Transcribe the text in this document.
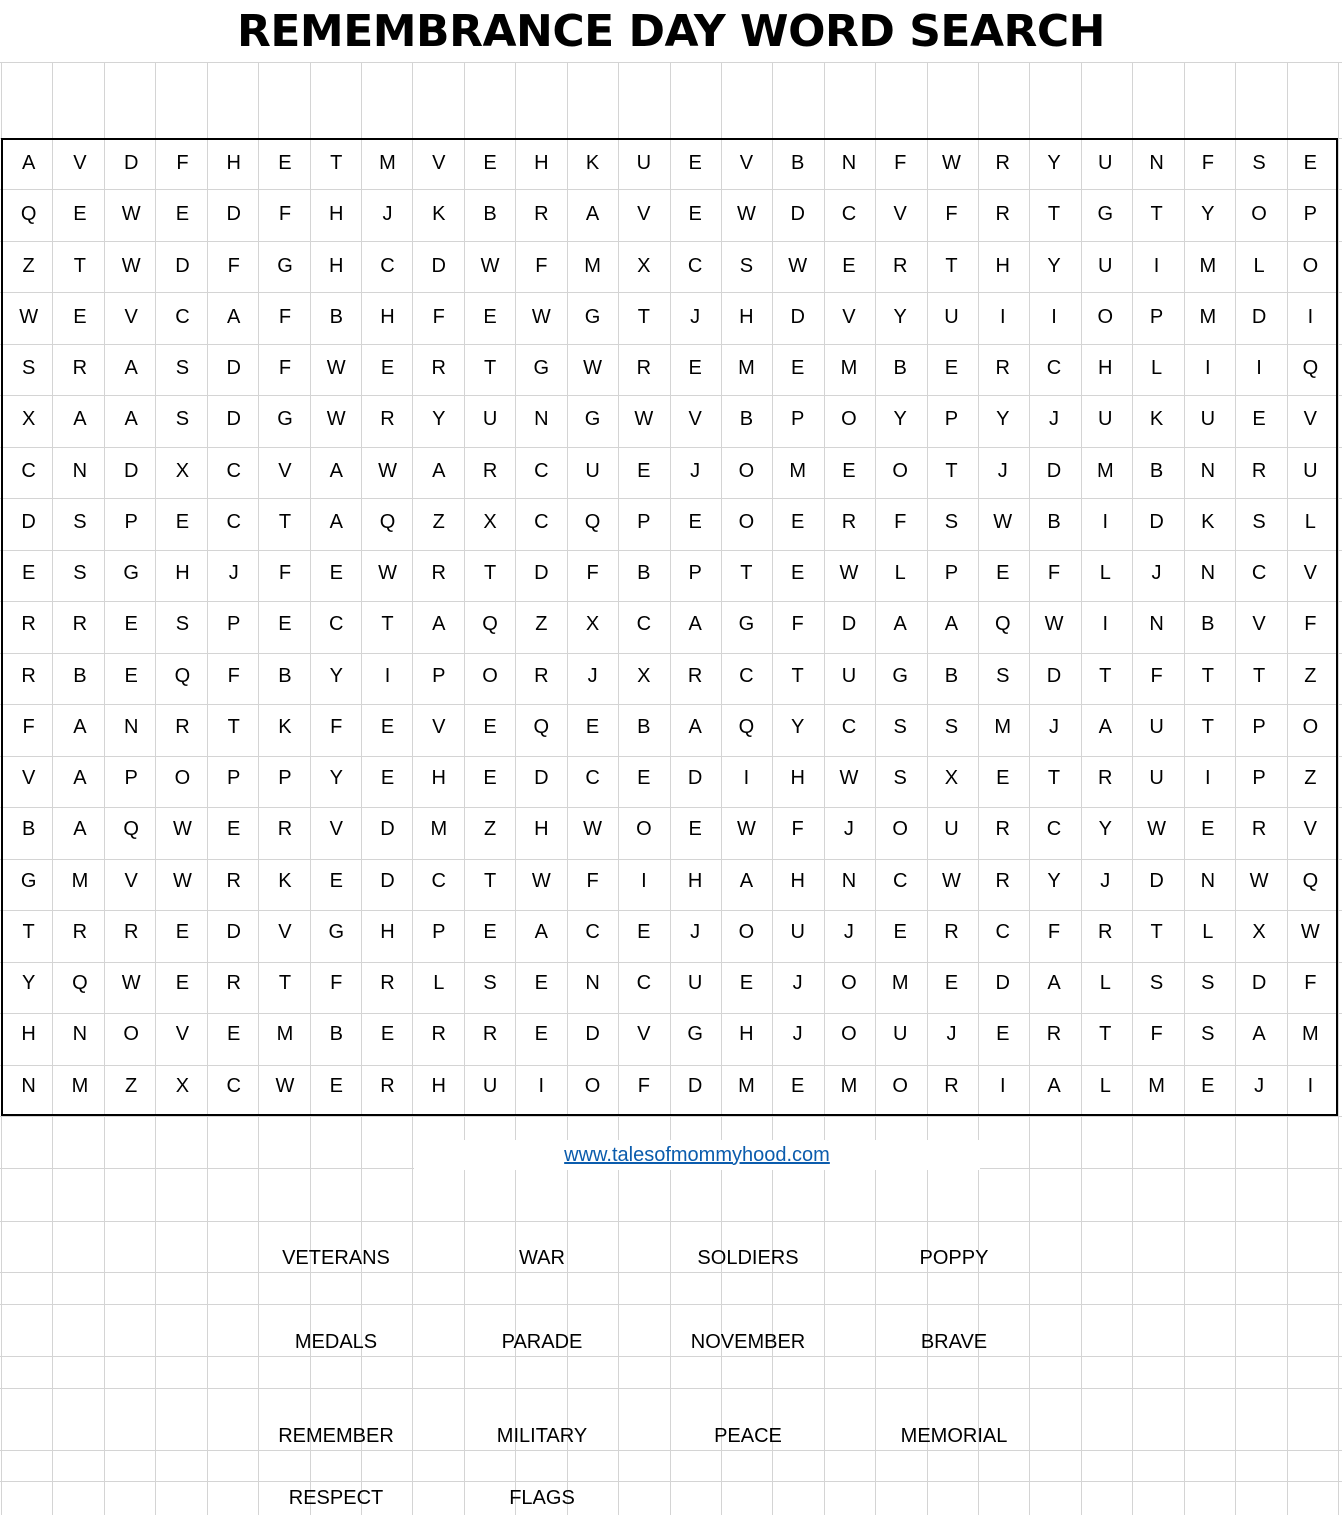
REMEMBRANCE DAY WORD SEARCH
A	V	D	F	H	E	T	M	V	E	H	K	U	E	V	B	N	F	W	R	Y	U	N	F	S	E
Q	E	W	E	D	F	H	J	K	B	R	A	V	E	W	D	C	V	F	R	T	G	T	Y	O	P
Z	T	W	D	F	G	H	C	D	W	F	M	X	C	S	W	E	R	T	H	Y	U	I	M	L	O
W	E	V	C	A	F	B	H	F	E	W	G	T	J	H	D	V	Y	U	I	I	O	P	M	D	I
S	R	A	S	D	F	W	E	R	T	G	W	R	E	M	E	M	B	E	R	C	H	L	I	I	Q
X	A	A	S	D	G	W	R	Y	U	N	G	W	V	B	P	O	Y	P	Y	J	U	K	U	E	V
C	N	D	X	C	V	A	W	A	R	C	U	E	J	O	M	E	O	T	J	D	M	B	N	R	U
D	S	P	E	C	T	A	Q	Z	X	C	Q	P	E	O	E	R	F	S	W	B	I	D	K	S	L
E	S	G	H	J	F	E	W	R	T	D	F	B	P	T	E	W	L	P	E	F	L	J	N	C	V
R	R	E	S	P	E	C	T	A	Q	Z	X	C	A	G	F	D	A	A	Q	W	I	N	B	V	F
R	B	E	Q	F	B	Y	I	P	O	R	J	X	R	C	T	U	G	B	S	D	T	F	T	T	Z
F	A	N	R	T	K	F	E	V	E	Q	E	B	A	Q	Y	C	S	S	M	J	A	U	T	P	O
V	A	P	O	P	P	Y	E	H	E	D	C	E	D	I	H	W	S	X	E	T	R	U	I	P	Z
B	A	Q	W	E	R	V	D	M	Z	H	W	O	E	W	F	J	O	U	R	C	Y	W	E	R	V
G	M	V	W	R	K	E	D	C	T	W	F	I	H	A	H	N	C	W	R	Y	J	D	N	W	Q
T	R	R	E	D	V	G	H	P	E	A	C	E	J	O	U	J	E	R	C	F	R	T	L	X	W
Y	Q	W	E	R	T	F	R	L	S	E	N	C	U	E	J	O	M	E	D	A	L	S	S	D	F
H	N	O	V	E	M	B	E	R	R	E	D	V	G	H	J	O	U	J	E	R	T	F	S	A	M
N	M	Z	X	C	W	E	R	H	U	I	O	F	D	M	E	M	O	R	I	A	L	M	E	J	I
www.talesofmommyhood.com
VETERANS	WAR	SOLDIERS	POPPY
MEDALS	PARADE	NOVEMBER	BRAVE
REMEMBER	MILITARY	PEACE	MEMORIAL
RESPECT	FLAGS
